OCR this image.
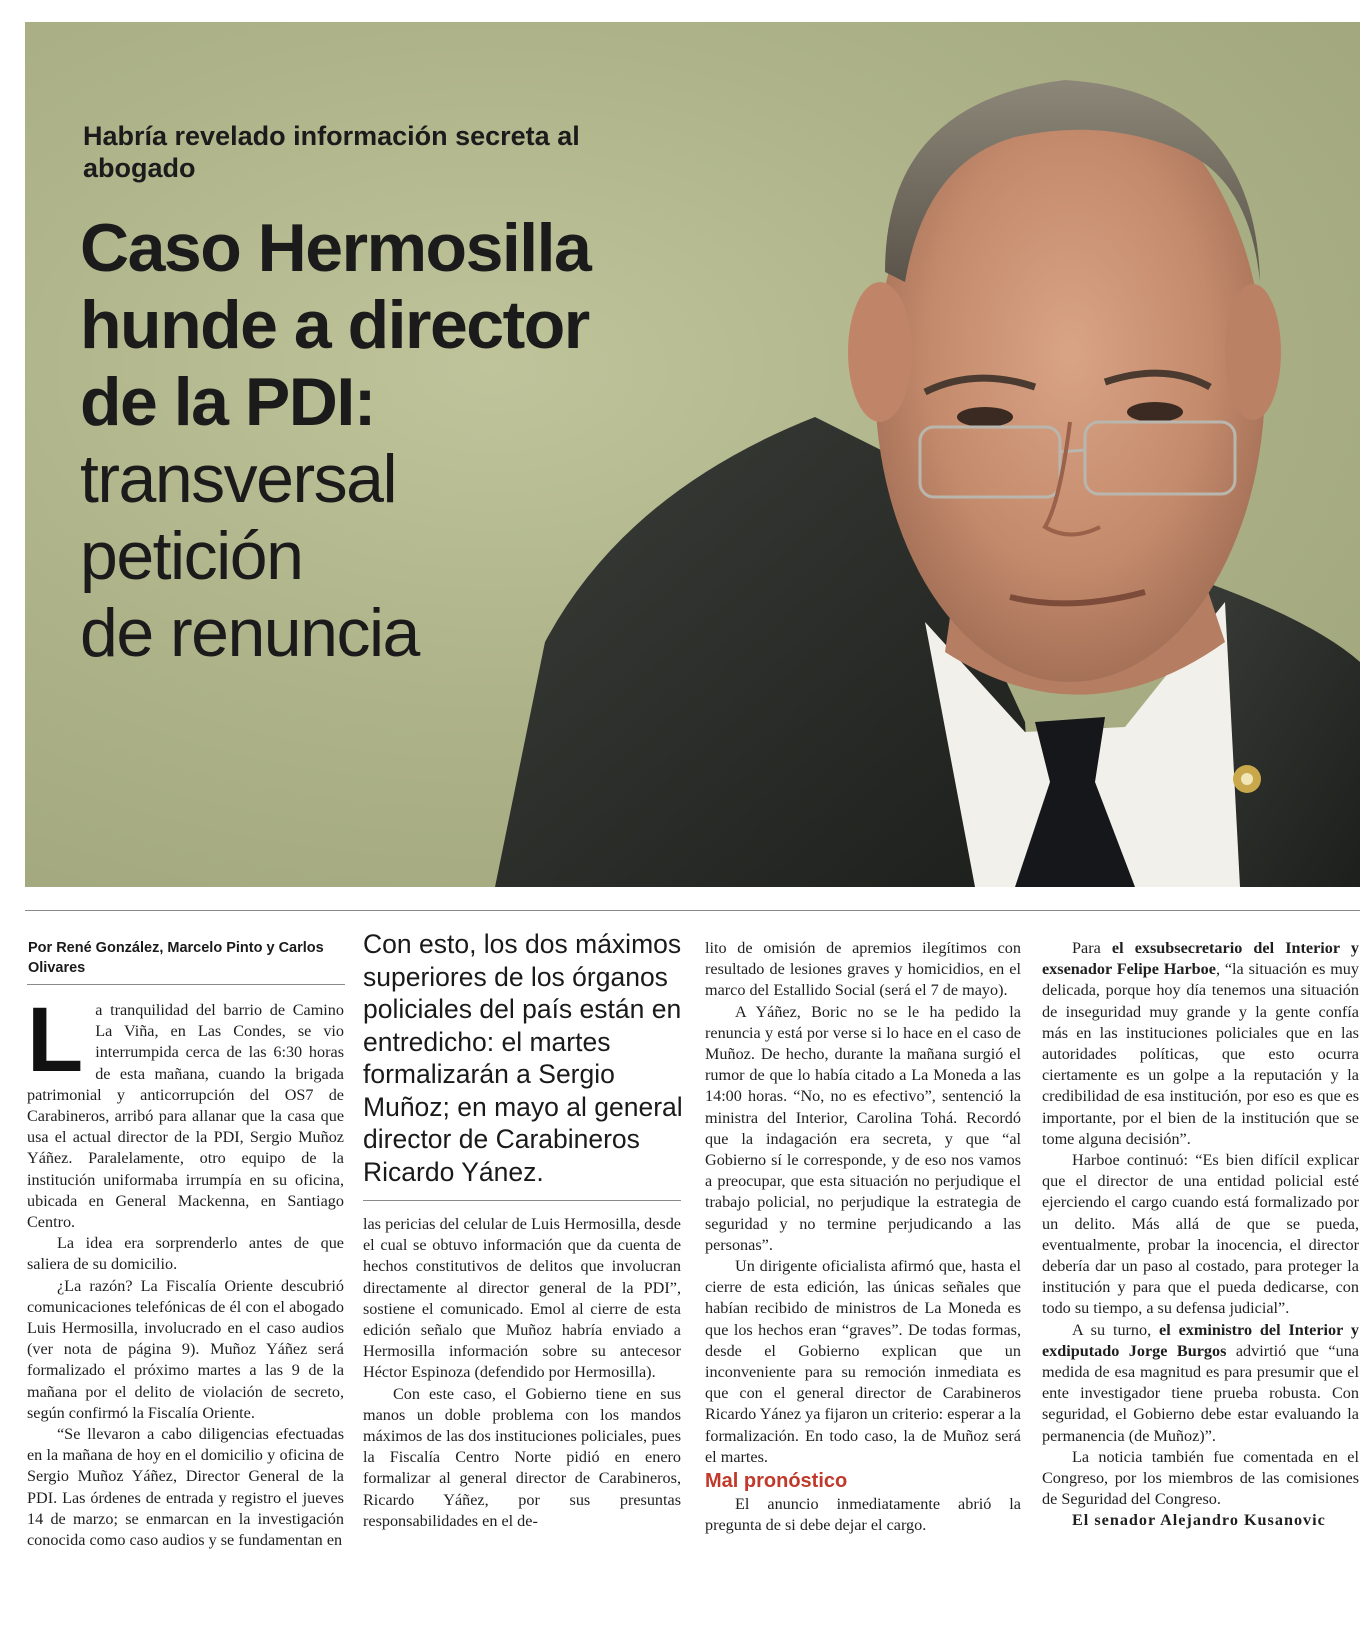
Habría revelado información secreta al abogado
Caso Hermosilla
hunde a director
de la PDI:
transversal
petición
de renuncia
Por René González, Marcelo Pinto y Carlos Olivares

La tranquilidad del barrio de Camino La Viña, en Las Condes, se vio interrumpida cerca de las 6:30 horas de esta mañana, cuando la brigada patrimonial y anticorrupción del OS7 de Carabineros, arribó para allanar que la casa que usa el actual director de la PDI, Sergio Muñoz Yáñez. Paralelamente, otro equipo de la institución uniformaba irrumpía en su oficina, ubicada en General Mackenna, en Santiago Centro.

La idea era sorprenderlo antes de que saliera de su domicilio.

¿La razón? La Fiscalía Oriente descubrió comunicaciones telefónicas de él con el abogado Luis Hermosilla, involucrado en el caso audios (ver nota de página 9). Muñoz Yáñez será formalizado el próximo martes a las 9 de la mañana por el delito de violación de secreto, según confirmó la Fiscalía Oriente.

“Se llevaron a cabo diligencias efectuadas en la mañana de hoy en el domicilio y oficina de Sergio Muñoz Yáñez, Director General de la PDI. Las órdenes de entrada y registro el jueves 14 de marzo; se enmarcan en la investigación conocida como caso audios y se fundamentan en

Con esto, los dos máximos superiores de los órganos policiales del país están en entredicho: el martes formalizarán a Sergio Muñoz; en mayo al general director de Carabineros Ricardo Yánez.

las pericias del celular de Luis Hermosilla, desde el cual se obtuvo información que da cuenta de hechos constitutivos de delitos que involucran directamente al director general de la PDI”, sostiene el comunicado. Emol al cierre de esta edición señalo que Muñoz habría enviado a Hermosilla información sobre su antecesor Héctor Espinoza (defendido por Hermosilla).

Con este caso, el Gobierno tiene en sus manos un doble problema con los mandos máximos de las dos instituciones policiales, pues la Fiscalía Centro Norte pidió en enero formalizar al general director de Carabineros, Ricardo Yáñez, por sus presuntas responsabilidades en el de-

lito de omisión de apremios ilegítimos con resultado de lesiones graves y homicidios, en el marco del Estallido Social (será el 7 de mayo).

A Yáñez, Boric no se le ha pedido la renuncia y está por verse si lo hace en el caso de Muñoz. De hecho, durante la mañana surgió el rumor de que lo había citado a La Moneda a las 14:00 horas. “No, no es efectivo”, sentenció la ministra del Interior, Carolina Tohá. Recordó que la indagación era secreta, y que “al Gobierno sí le corresponde, y de eso nos vamos a preocupar, que esta situación no perjudique el trabajo policial, no perjudique la estrategia de seguridad y no termine perjudicando a las personas”.

Un dirigente oficialista afirmó que, hasta el cierre de esta edición, las únicas señales que habían recibido de ministros de La Moneda es que los hechos eran “graves”. De todas formas, desde el Gobierno explican que un inconveniente para su remoción inmediata es que con el general director de Carabineros Ricardo Yánez ya fijaron un criterio: esperar a la formalización. En todo caso, la de Muñoz será el martes.

Mal pronóstico

El anuncio inmediatamente abrió la pregunta de si debe dejar el cargo.

Para el exsubsecretario del Interior y exsenador Felipe Harboe, “la situación es muy delicada, porque hoy día tenemos una situación de inseguridad muy grande y la gente confía más en las instituciones policiales que en las autoridades políticas, que esto ocurra ciertamente es un golpe a la reputación y la credibilidad de esa institución, por eso es que es importante, por el bien de la institución que se tome alguna decisión”.

Harboe continuó: “Es bien difícil explicar que el director de una entidad policial esté ejerciendo el cargo cuando está formalizado por un delito. Más allá de que se pueda, eventualmente, probar la inocencia, el director debería dar un paso al costado, para proteger la institución y para que el pueda dedicarse, con todo su tiempo, a su defensa judicial”.

A su turno, el exministro del Interior y exdiputado Jorge Burgos advirtió que “una medida de esa magnitud es para presumir que el ente investigador tiene prueba robusta. Con seguridad, el Gobierno debe estar evaluando la permanencia (de Muñoz)”.

La noticia también fue comentada en el Congreso, por los miembros de las comisiones de Seguridad del Congreso.

El senador Alejandro Kusanovic
